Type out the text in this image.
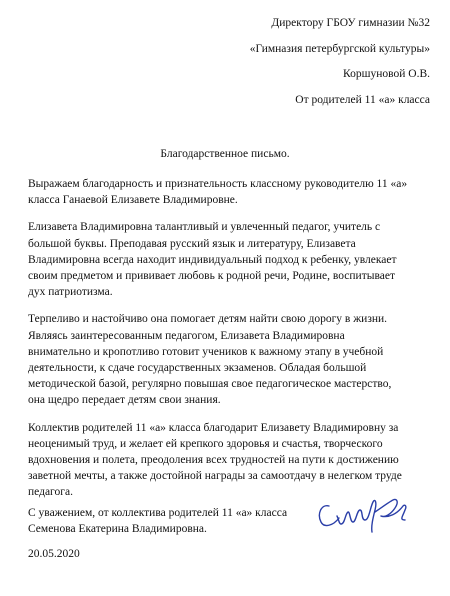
Директору ГБОУ гимназии №32
«Гимназия петербургской культуры»
Коршуновой О.В.
От родителей 11 «а» класса
Благодарственное письмо.

Выражаем благодарность и признательность классному руководителю 11 «а»
класса Ганаевой Елизавете Владимировне.

Елизавета Владимировна талантливый и увлеченный педагог, учитель с
большой буквы. Преподавая русский язык и литературу, Елизавета
Владимировна всегда находит индивидуальный подход к ребенку, увлекает
своим предметом и прививает любовь к родной речи, Родине, воспитывает
дух патриотизма.

Терпеливо и настойчиво она помогает детям найти свою дорогу в жизни.
Являясь заинтересованным педагогом, Елизавета Владимировна
внимательно и кропотливо готовит учеников к важному этапу в учебной
деятельности, к сдаче государственных экзаменов. Обладая большой
методической базой, регулярно повышая свое педагогическое мастерство,
она щедро передает детям свои знания.

Коллектив родителей 11 «а» класса благодарит Елизавету Владимировну за
неоценимый труд, и желает ей крепкого здоровья и счастья, творческого
вдохновения и полета, преодоления всех трудностей на пути к достижению
заветной мечты, а также достойной награды за самоотдачу в нелегком труде
педагога.

С уважением, от коллектива родителей 11 «а» класса
Семенова Екатерина Владимировна.
20.05.2020
